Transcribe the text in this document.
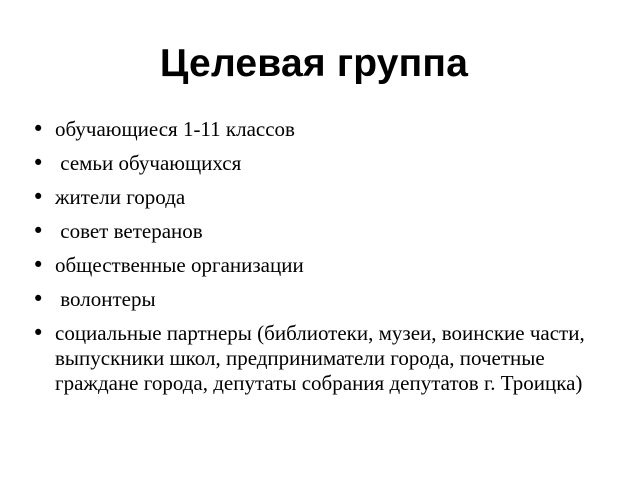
Целевая группа
• обучающиеся 1-11 классов
• семьи обучающихся
• жители города
• совет ветеранов
• общественные организации
• волонтеры
• социальные партнеры (библиотеки, музеи, воинские части, выпускники школ, предприниматели города, почетные граждане города, депутаты собрания депутатов г. Троицка)
